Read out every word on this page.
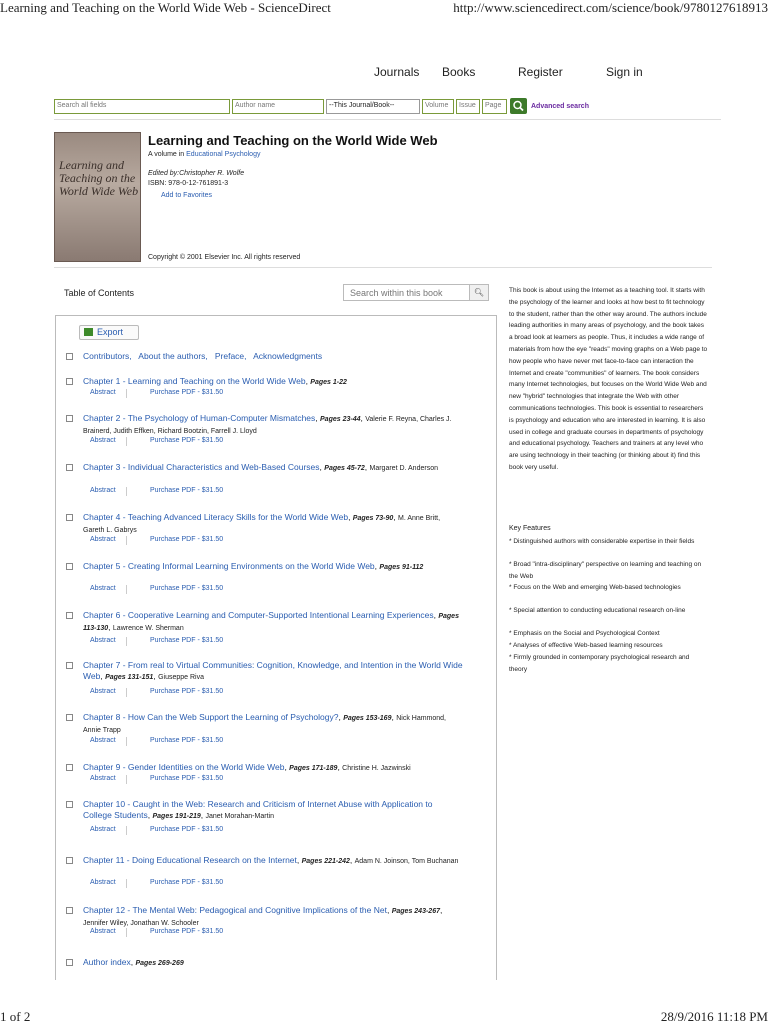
Learning and Teaching on the World Wide Web - ScienceDirect	http://www.sciencedirect.com/science/book/9780127618913
1 of 2	28/9/2016 11:18 PM
Journals Books	Register	Sign in
Search all fields	Author name	--This Journal/Book--	Volume	Issue	Page	Advanced search
Learning and Teaching on the World Wide Web
Learning and Teaching on the World Wide Web
A volume in Educational Psychology
Edited by:Christopher R. Wolfe
ISBN: 978-0-12-761891-3
Add to Favorites
Copyright © 2001 Elsevier Inc. All rights reserved
Table of Contents	Search within this book	🔍︎
Export
Contributors, About the authors, Preface, Acknowledgments
Chapter 1 - Learning and Teaching on the World Wide Web, Pages 1-22
Abstract	Purchase PDF - $31.50
Chapter 2 - The Psychology of Human-Computer Mismatches, Pages 23-44, Valerie F. Reyna, Charles J. Brainerd, Judith Effken, Richard Bootzin, Farrell J. Lloyd
Abstract	Purchase PDF - $31.50
Chapter 3 - Individual Characteristics and Web-Based Courses, Pages 45-72, Margaret D. Anderson
Abstract	Purchase PDF - $31.50
Chapter 4 - Teaching Advanced Literacy Skills for the World Wide Web, Pages 73-90, M. Anne Britt, Gareth L. Gabrys
Abstract	Purchase PDF - $31.50
Chapter 5 - Creating Informal Learning Environments on the World Wide Web, Pages 91-112
Abstract	Purchase PDF - $31.50
Chapter 6 - Cooperative Learning and Computer-Supported Intentional Learning Experiences, Pages 113-130, Lawrence W. Sherman
Abstract	Purchase PDF - $31.50
Chapter 7 - From real to Virtual Communities: Cognition, Knowledge, and Intention in the World Wide Web, Pages 131-151, Giuseppe Riva
Abstract	Purchase PDF - $31.50
Chapter 8 - How Can the Web Support the Learning of Psychology?, Pages 153-169, Nick Hammond, Annie Trapp
Abstract	Purchase PDF - $31.50
Chapter 9 - Gender Identities on the World Wide Web, Pages 171-189, Christine H. Jazwinski
Abstract	Purchase PDF - $31.50
Chapter 10 - Caught in the Web: Research and Criticism of Internet Abuse with Application to College Students, Pages 191-219, Janet Morahan-Martin
Abstract	Purchase PDF - $31.50
Chapter 11 - Doing Educational Research on the Internet, Pages 221-242, Adam N. Joinson, Tom Buchanan
Abstract	Purchase PDF - $31.50
Chapter 12 - The Mental Web: Pedagogical and Cognitive Implications of the Net, Pages 243-267, Jennifer Wiley, Jonathan W. Schooler
Abstract	Purchase PDF - $31.50
Author index, Pages 269-269
This book is about using the Internet as a teaching tool. It starts with the psychology of the learner and looks at how best to fit technology to the student, rather than the other way around. The authors include leading authorities in many areas of psychology, and the book takes a broad look at learners as people. Thus, it includes a wide range of materials from how the eye "reads" moving graphs on a Web page to how people who have never met face-to-face can interaction the Internet and create "communities" of learners. The book considers many Internet technologies, but focuses on the World Wide Web and new "hybrid" technologies that integrate the Web with other communications technologies. This book is essential to researchers is psychology and education who are interested in learning. It is also used in college and graduate courses in departments of psychology and educational psychology. Teachers and trainers at any level who are using technology in their teaching (or thinking about it) find this book very useful.
Key Features
* Distinguished authors with considerable expertise in their fields
* Broad "intra-disciplinary" perspective on learning and teaching on the Web
* Focus on the Web and emerging Web-based technologies
* Special attention to conducting educational research on-line
* Emphasis on the Social and Psychological Context
* Analyses of effective Web-based learning resources
* Firmly grounded in contemporary psychological research and theory
